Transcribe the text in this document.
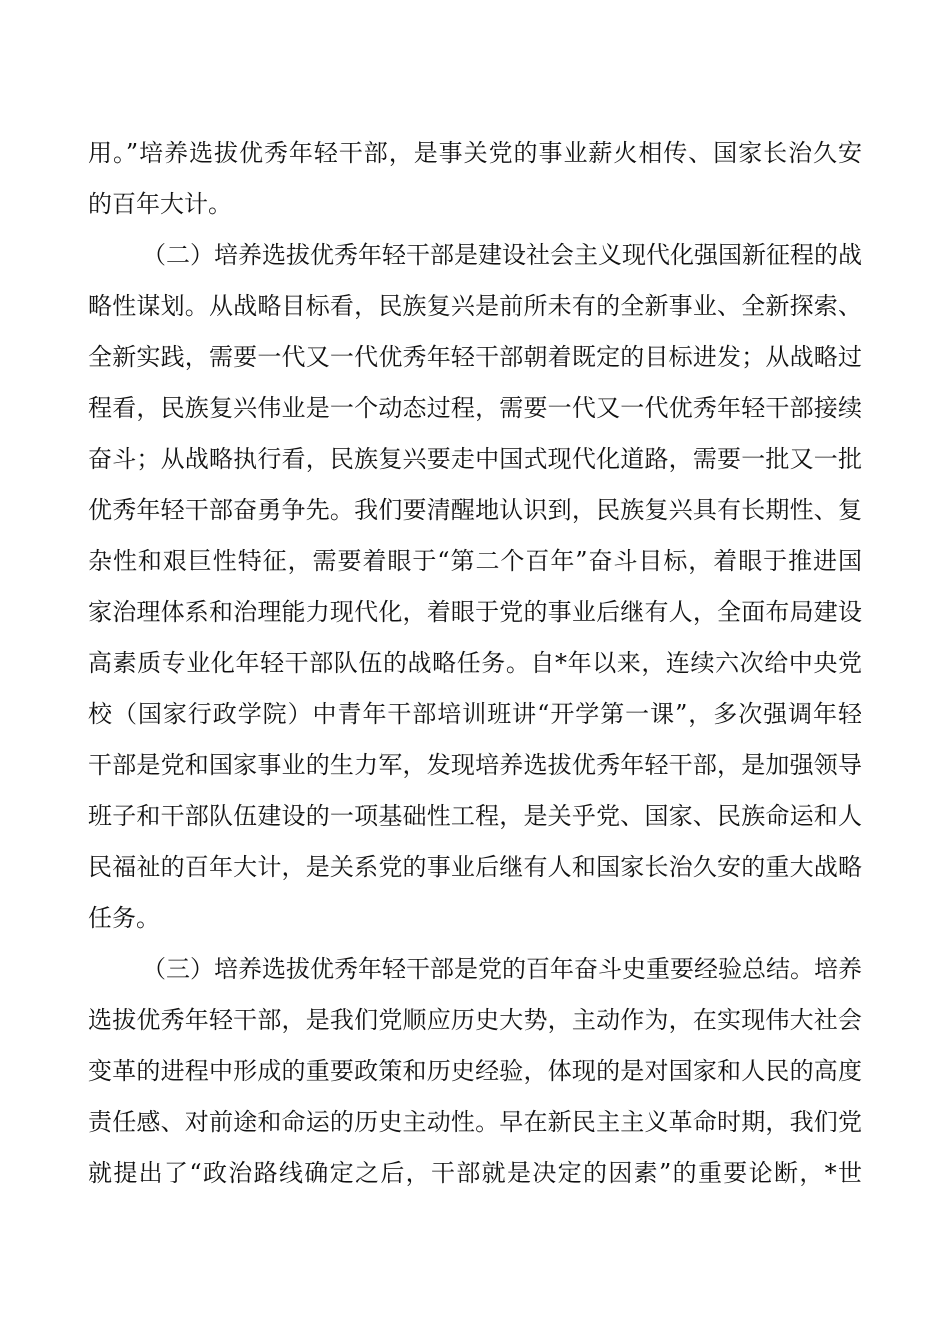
用。”培养选拔优秀年轻干部，是事关党的事业薪火相传、国家长治久安
的百年大计。
（二）培养选拔优秀年轻干部是建设社会主义现代化强国新征程的战
略性谋划。从战略目标看，民族复兴是前所未有的全新事业、全新探索、
全新实践，需要一代又一代优秀年轻干部朝着既定的目标进发；从战略过
程看，民族复兴伟业是一个动态过程，需要一代又一代优秀年轻干部接续
奋斗；从战略执行看，民族复兴要走中国式现代化道路，需要一批又一批
优秀年轻干部奋勇争先。我们要清醒地认识到，民族复兴具有长期性、复
杂性和艰巨性特征，需要着眼于“第二个百年”奋斗目标，着眼于推进国
家治理体系和治理能力现代化，着眼于党的事业后继有人，全面布局建设
高素质专业化年轻干部队伍的战略任务。自*年以来，连续六次给中央党
校（国家行政学院）中青年干部培训班讲“开学第一课”，多次强调年轻
干部是党和国家事业的生力军，发现培养选拔优秀年轻干部，是加强领导
班子和干部队伍建设的一项基础性工程，是关乎党、国家、民族命运和人
民福祉的百年大计，是关系党的事业后继有人和国家长治久安的重大战略
任务。
（三）培养选拔优秀年轻干部是党的百年奋斗史重要经验总结。培养
选拔优秀年轻干部，是我们党顺应历史大势，主动作为，在实现伟大社会
变革的进程中形成的重要政策和历史经验，体现的是对国家和人民的高度
责任感、对前途和命运的历史主动性。早在新民主主义革命时期，我们党
就提出了“政治路线确定之后，干部就是决定的因素”的重要论断，*世
